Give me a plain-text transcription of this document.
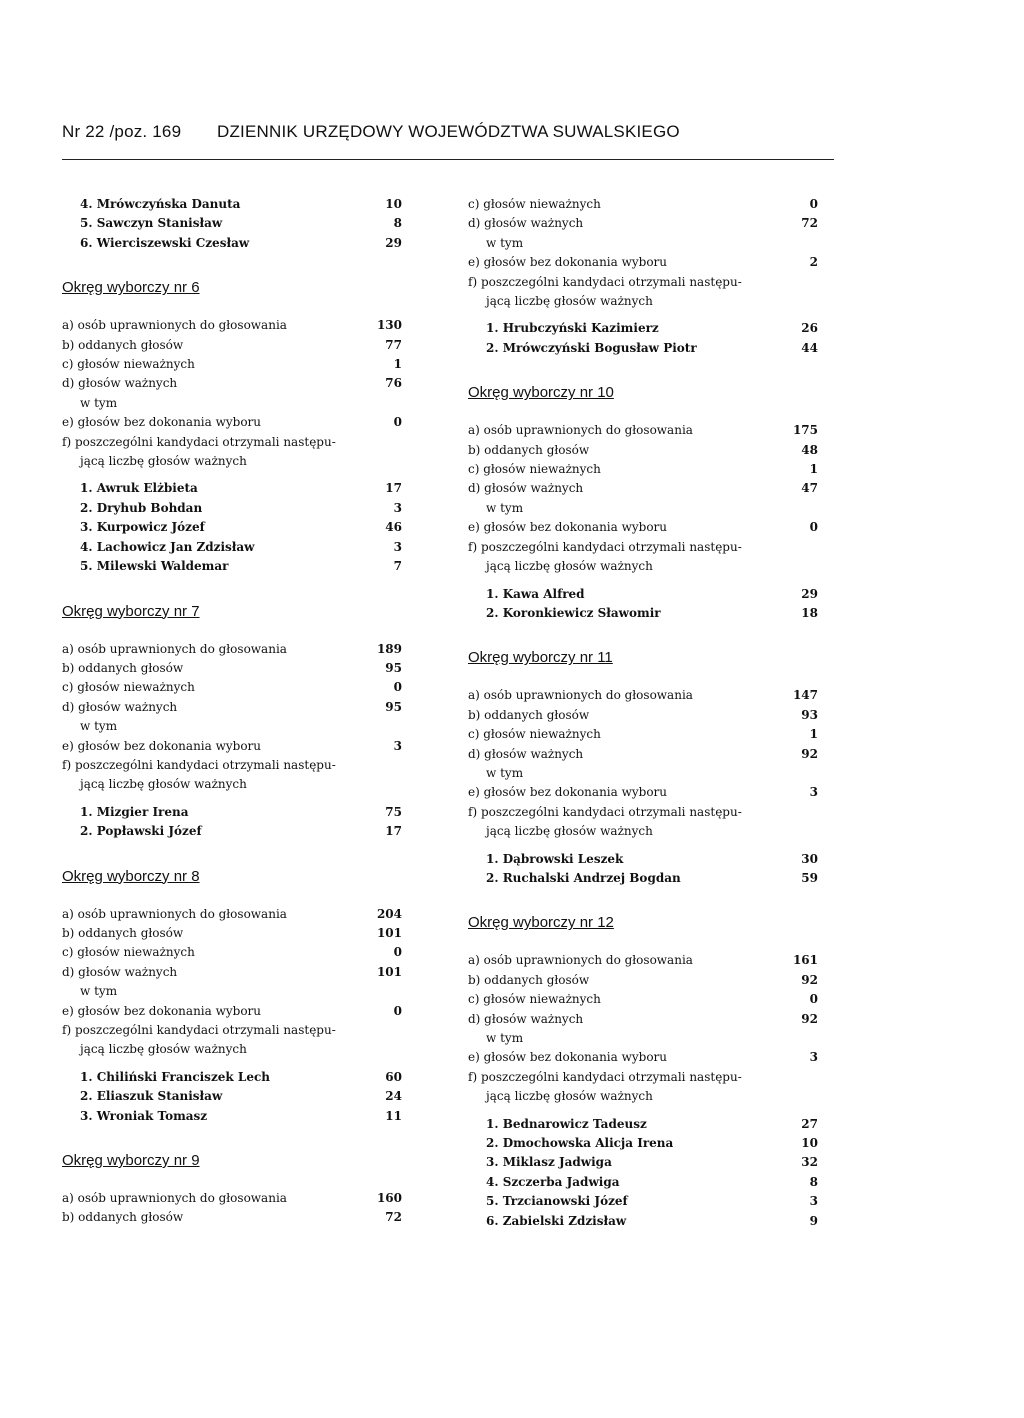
Nr 22 /poz. 169 DZIENNIK URZĘDOWY WOJEWÓDZTWA SUWALSKIEGO
4. Mrówczyńska Danuta	10
5. Sawczyn Stanisław	8
6. Wierciszewski Czesław	29
Okręg wyborczy nr 6
a) osób uprawnionych do głosowania	130
b) oddanych głosów	77
c) głosów nieważnych	1
d) głosów ważnych	76
w tym
e) głosów bez dokonania wyboru	0
f) poszczególni kandydaci otrzymali następu-
jącą liczbę głosów ważnych
1. Awruk Elżbieta	17
2. Dryhub Bohdan	3
3. Kurpowicz Józef	46
4. Lachowicz Jan Zdzisław	3
5. Milewski Waldemar	7
Okręg wyborczy nr 7
a) osób uprawnionych do głosowania	189
b) oddanych głosów	95
c) głosów nieważnych	0
d) głosów ważnych	95
w tym
e) głosów bez dokonania wyboru	3
f) poszczególni kandydaci otrzymali następu-
jącą liczbę głosów ważnych
1. Mizgier Irena	75
2. Popławski Józef	17
Okręg wyborczy nr 8
a) osób uprawnionych do głosowania	204
b) oddanych głosów	101
c) głosów nieważnych	0
d) głosów ważnych	101
w tym
e) głosów bez dokonania wyboru	0
f) poszczególni kandydaci otrzymali następu-
jącą liczbę głosów ważnych
1. Chiliński Franciszek Lech	60
2. Eliaszuk Stanisław	24
3. Wroniak Tomasz	11
Okręg wyborczy nr 9
a) osób uprawnionych do głosowania	160
b) oddanych głosów	72
c) głosów nieważnych	0
d) głosów ważnych	72
w tym
e) głosów bez dokonania wyboru	2
f) poszczególni kandydaci otrzymali następu-
jącą liczbę głosów ważnych
1. Hrubczyński Kazimierz	26
2. Mrówczyński Bogusław Piotr	44
Okręg wyborczy nr 10
a) osób uprawnionych do głosowania	175
b) oddanych głosów	48
c) głosów nieważnych	1
d) głosów ważnych	47
w tym
e) głosów bez dokonania wyboru	0
f) poszczególni kandydaci otrzymali następu-
jącą liczbę głosów ważnych
1. Kawa Alfred	29
2. Koronkiewicz Sławomir	18
Okręg wyborczy nr 11
a) osób uprawnionych do głosowania	147
b) oddanych głosów	93
c) głosów nieważnych	1
d) głosów ważnych	92
w tym
e) głosów bez dokonania wyboru	3
f) poszczególni kandydaci otrzymali następu-
jącą liczbę głosów ważnych
1. Dąbrowski Leszek	30
2. Ruchalski Andrzej Bogdan	59
Okręg wyborczy nr 12
a) osób uprawnionych do głosowania	161
b) oddanych głosów	92
c) głosów nieważnych	0
d) głosów ważnych	92
w tym
e) głosów bez dokonania wyboru	3
f) poszczególni kandydaci otrzymali następu-
jącą liczbę głosów ważnych
1. Bednarowicz Tadeusz	27
2. Dmochowska Alicja Irena	10
3. Miklasz Jadwiga	32
4. Szczerba Jadwiga	8
5. Trzcianowski Józef	3
6. Zabielski Zdzisław	9
